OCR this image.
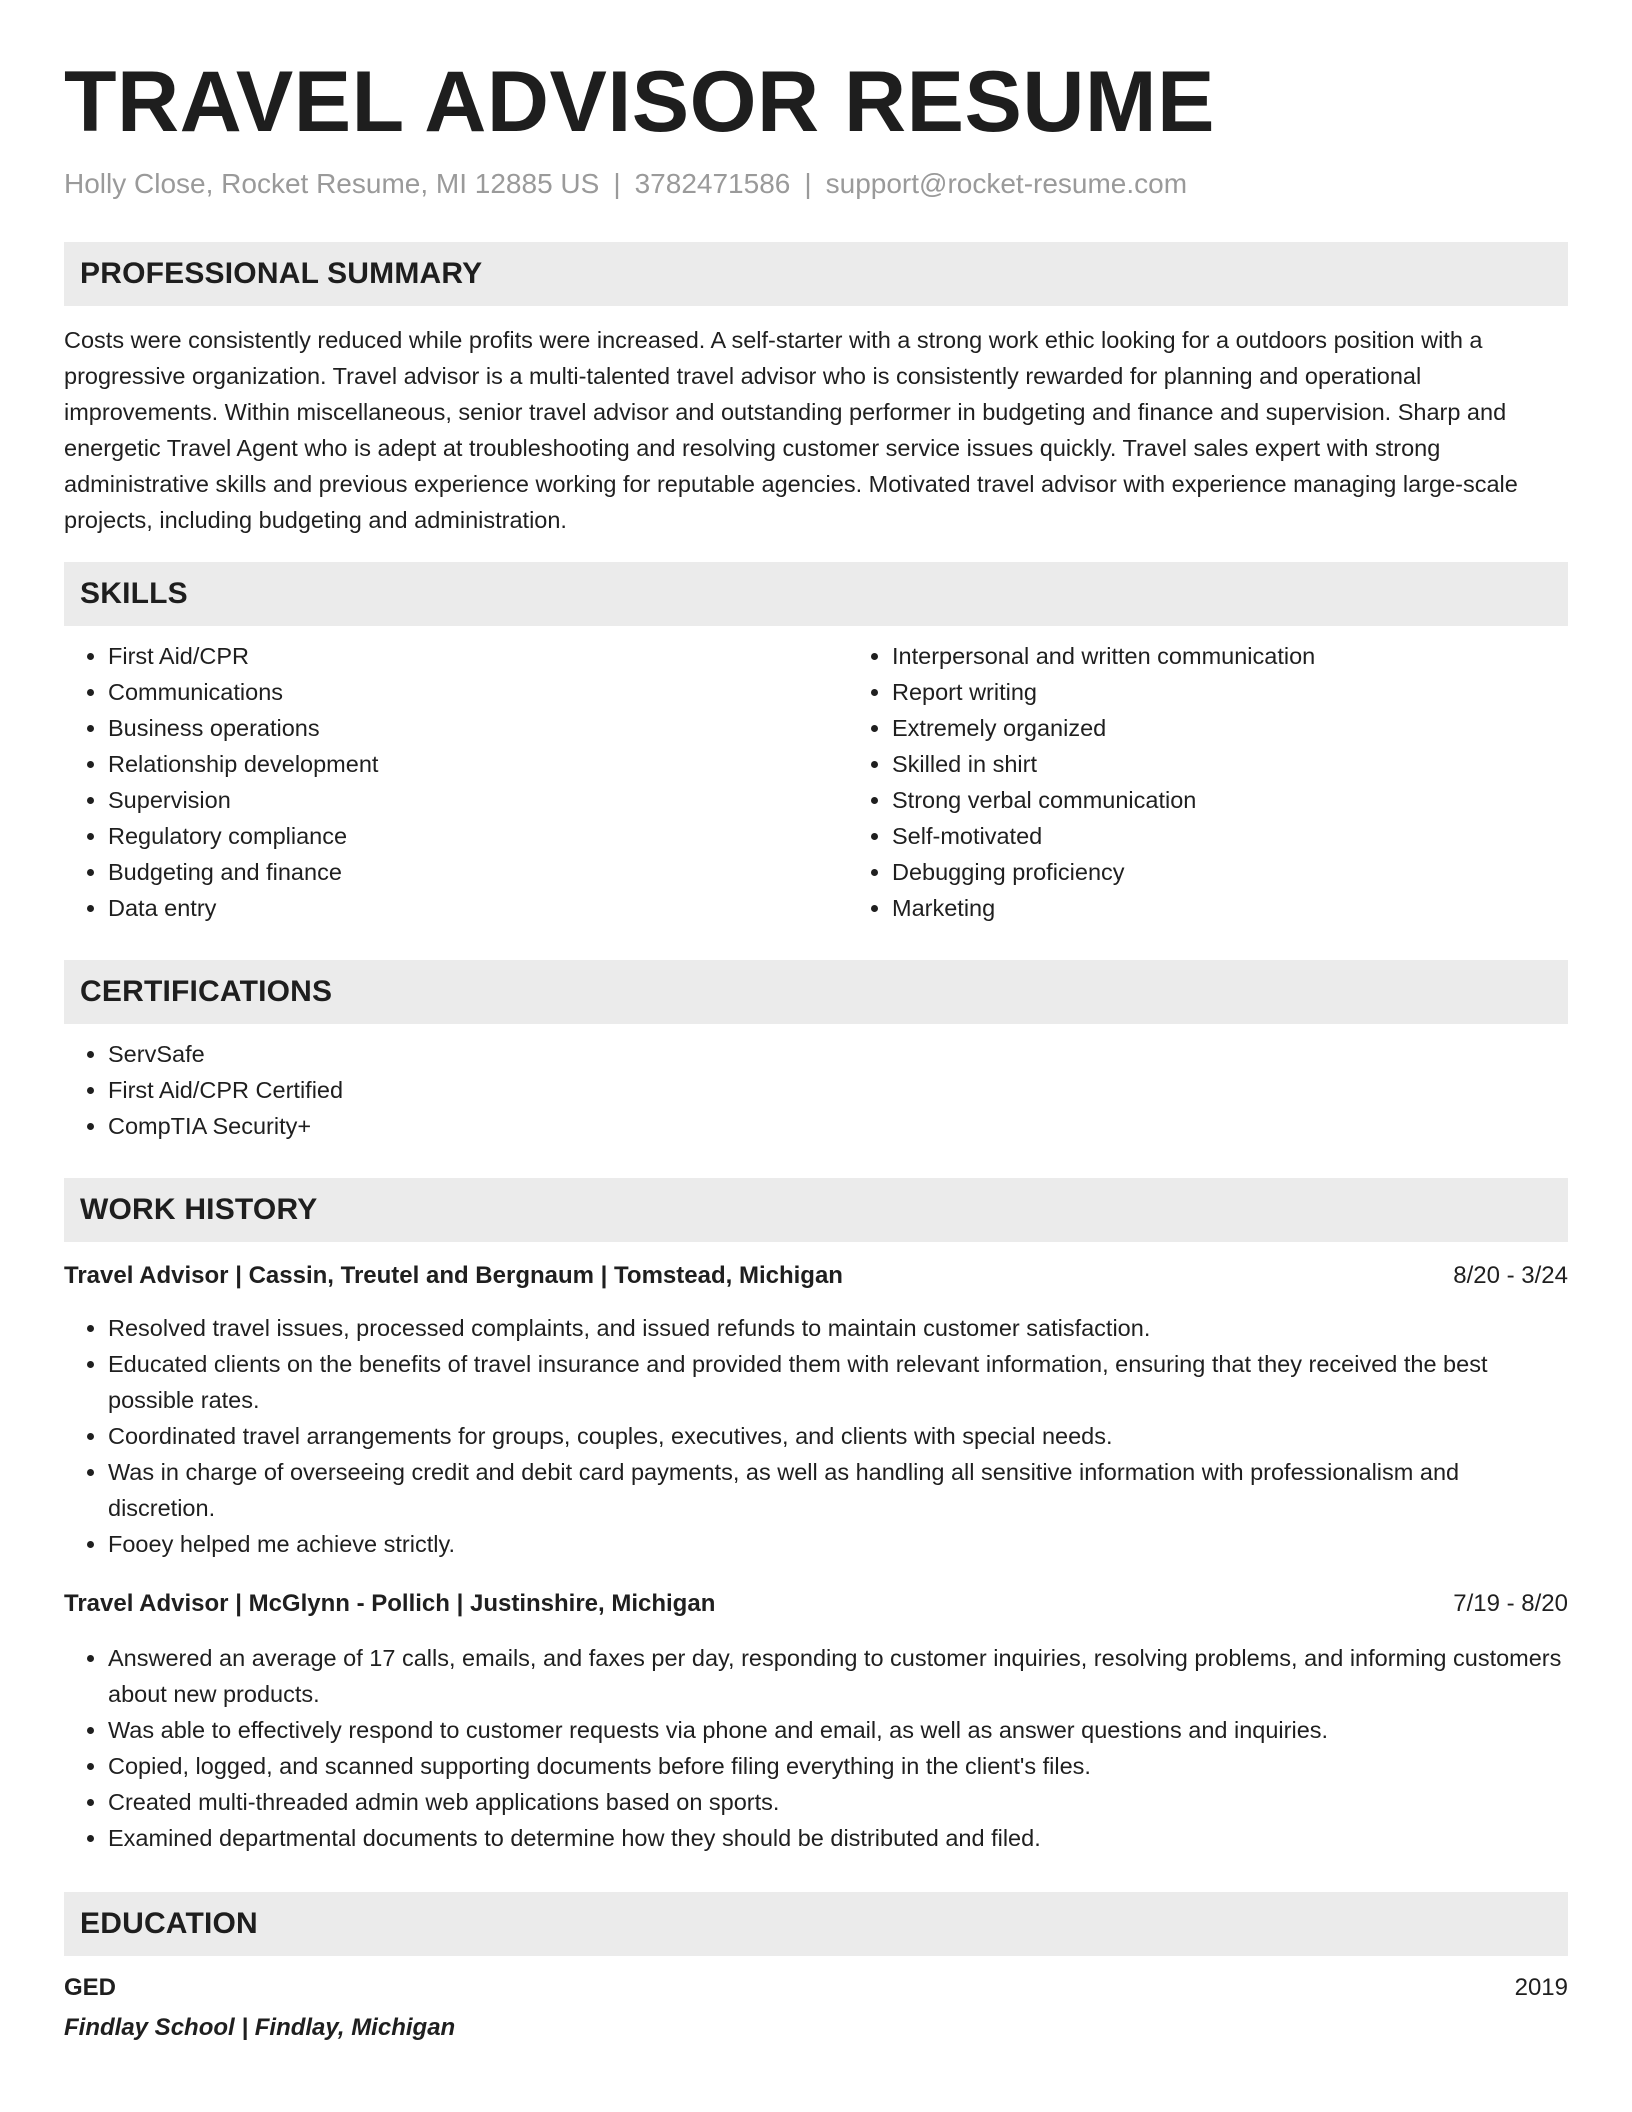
TRAVEL ADVISOR RESUME
Holly Close, Rocket Resume, MI 12885 US | 3782471586 | support@rocket-resume.com
PROFESSIONAL SUMMARY

Costs were consistently reduced while profits were increased. A self-starter with a strong work ethic looking for a outdoors position with a progressive organization. Travel advisor is a multi-talented travel advisor who is consistently rewarded for planning and operational improvements. Within miscellaneous, senior travel advisor and outstanding performer in budgeting and finance and supervision. Sharp and energetic Travel Agent who is adept at troubleshooting and resolving customer service issues quickly. Travel sales expert with strong administrative skills and previous experience working for reputable agencies. Motivated travel advisor with experience managing large-scale projects, including budgeting and administration.

SKILLS
• First Aid/CPR
• Communications
• Business operations
• Relationship development
• Supervision
• Regulatory compliance
• Budgeting and finance
• Data entry
• Interpersonal and written communication
• Report writing
• Extremely organized
• Skilled in shirt
• Strong verbal communication
• Self-motivated
• Debugging proficiency
• Marketing
CERTIFICATIONS
• ServSafe
• First Aid/CPR Certified
• CompTIA Security+
WORK HISTORY
Travel Advisor | Cassin, Treutel and Bergnaum | Tomstead, Michigan	8/20 - 3/24
• Resolved travel issues, processed complaints, and issued refunds to maintain customer satisfaction.
• Educated clients on the benefits of travel insurance and provided them with relevant information, ensuring that they received the best possible rates.
• Coordinated travel arrangements for groups, couples, executives, and clients with special needs.
• Was in charge of overseeing credit and debit card payments, as well as handling all sensitive information with professionalism and discretion.
• Fooey helped me achieve strictly.
Travel Advisor | McGlynn - Pollich | Justinshire, Michigan	7/19 - 8/20
• Answered an average of 17 calls, emails, and faxes per day, responding to customer inquiries, resolving problems, and informing customers about new products.
• Was able to effectively respond to customer requests via phone and email, as well as answer questions and inquiries.
• Copied, logged, and scanned supporting documents before filing everything in the client's files.
• Created multi-threaded admin web applications based on sports.
• Examined departmental documents to determine how they should be distributed and filed.
EDUCATION
GED	2019
Findlay School | Findlay, Michigan
